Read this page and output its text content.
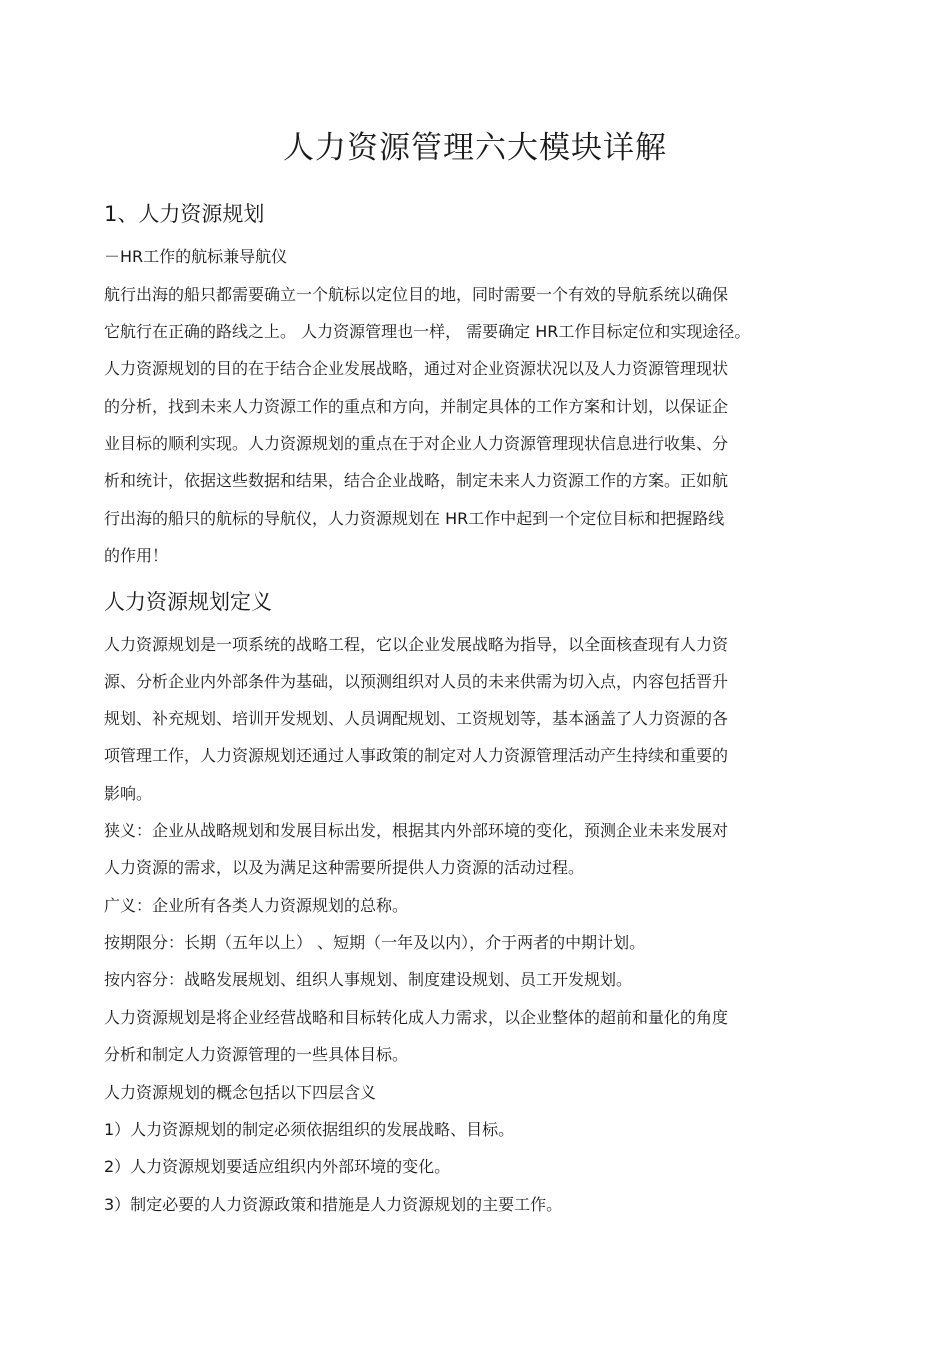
人力资源管理六大模块详解
1、人力资源规划

－HR工作的航标兼导航仪

航行出海的船只都需要确立一个航标以定位目的地，同时需要一个有效的导航系统以确保

它航行在正确的路线之上。 人力资源管理也一样， 需要确定 HR工作目标定位和实现途径。

人力资源规划的目的在于结合企业发展战略，通过对企业资源状况以及人力资源管理现状

的分析，找到未来人力资源工作的重点和方向，并制定具体的工作方案和计划，以保证企

业目标的顺利实现。人力资源规划的重点在于对企业人力资源管理现状信息进行收集、分

析和统计，依据这些数据和结果，结合企业战略，制定未来人力资源工作的方案。正如航

行出海的船只的航标的导航仪，人力资源规划在 HR工作中起到一个定位目标和把握路线

的作用！

人力资源规划定义

人力资源规划是一项系统的战略工程，它以企业发展战略为指导，以全面核查现有人力资

源、分析企业内外部条件为基础，以预测组织对人员的未来供需为切入点，内容包括晋升

规划、补充规划、培训开发规划、人员调配规划、工资规划等，基本涵盖了人力资源的各

项管理工作，人力资源规划还通过人事政策的制定对人力资源管理活动产生持续和重要的

影响。

狭义：企业从战略规划和发展目标出发，根据其内外部环境的变化，预测企业未来发展对

人力资源的需求，以及为满足这种需要所提供人力资源的活动过程。

广义：企业所有各类人力资源规划的总称。

按期限分：长期（五年以上） 、短期（一年及以内），介于两者的中期计划。

按内容分：战略发展规划、组织人事规划、制度建设规划、员工开发规划。

人力资源规划是将企业经营战略和目标转化成人力需求，以企业整体的超前和量化的角度

分析和制定人力资源管理的一些具体目标。

人力资源规划的概念包括以下四层含义

1）人力资源规划的制定必须依据组织的发展战略、目标。

2）人力资源规划要适应组织内外部环境的变化。

3）制定必要的人力资源政策和措施是人力资源规划的主要工作。
